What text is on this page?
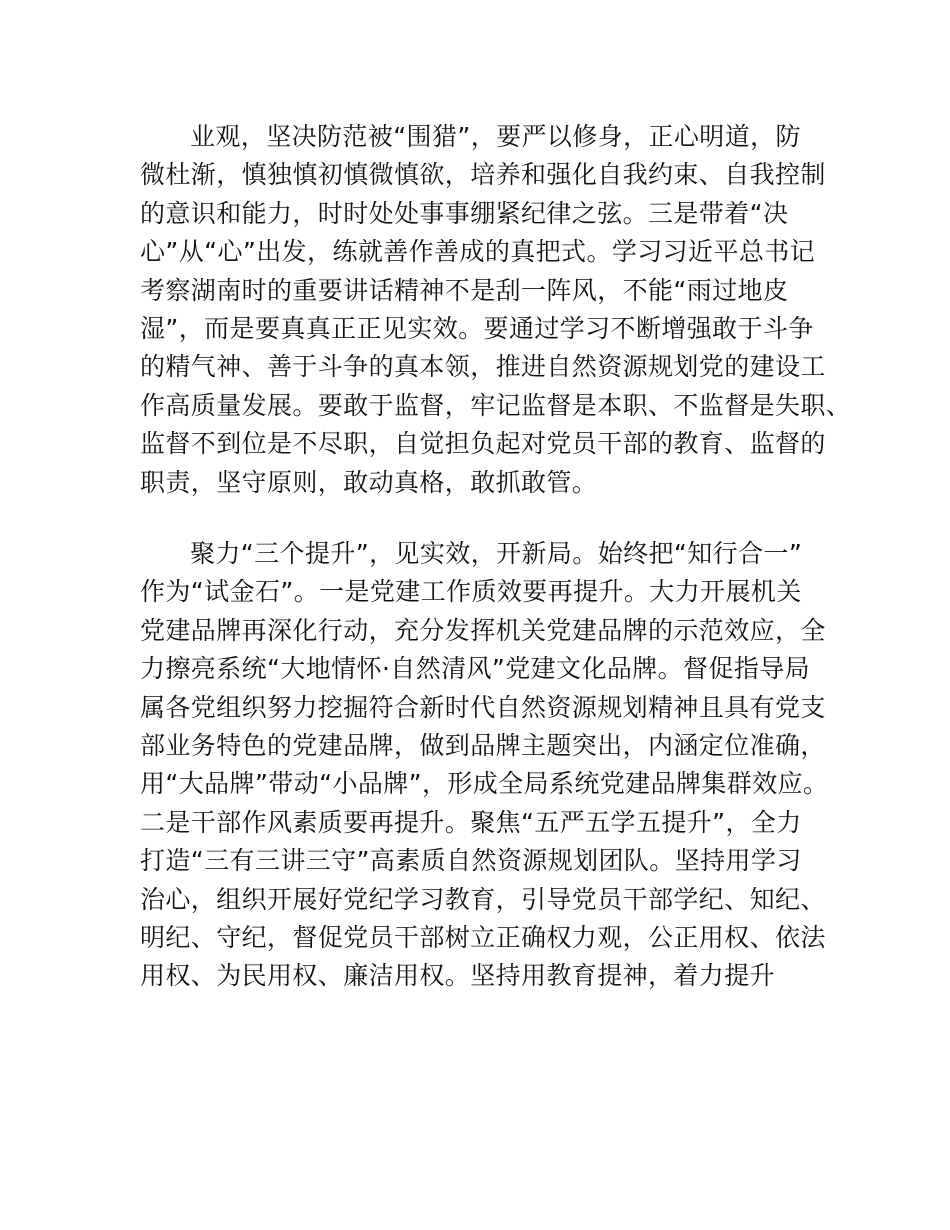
业观，坚决防范被“围猎”，要严以修身，正心明道，防
微杜渐，慎独慎初慎微慎欲，培养和强化自我约束、自我控制
的意识和能力，时时处处事事绷紧纪律之弦。三是带着“决
心”从“心”出发，练就善作善成的真把式。学习习近平总书记
考察湖南时的重要讲话精神不是刮一阵风，不能“雨过地皮
湿”，而是要真真正正见实效。要通过学习不断增强敢于斗争
的精气神、善于斗争的真本领，推进自然资源规划党的建设工
作高质量发展。要敢于监督，牢记监督是本职、不监督是失职、
监督不到位是不尽职，自觉担负起对党员干部的教育、监督的
职责，坚守原则，敢动真格，敢抓敢管。
聚力“三个提升”，见实效，开新局。始终把“知行合一”
作为“试金石”。一是党建工作质效要再提升。大力开展机关
党建品牌再深化行动，充分发挥机关党建品牌的示范效应，全
力擦亮系统“大地情怀·自然清风”党建文化品牌。督促指导局
属各党组织努力挖掘符合新时代自然资源规划精神且具有党支
部业务特色的党建品牌，做到品牌主题突出，内涵定位准确，
用“大品牌”带动“小品牌”，形成全局系统党建品牌集群效应。
二是干部作风素质要再提升。聚焦“五严五学五提升”，全力
打造“三有三讲三守”高素质自然资源规划团队。坚持用学习
治心，组织开展好党纪学习教育，引导党员干部学纪、知纪、
明纪、守纪，督促党员干部树立正确权力观，公正用权、依法
用权、为民用权、廉洁用权。坚持用教育提神，着力提升
